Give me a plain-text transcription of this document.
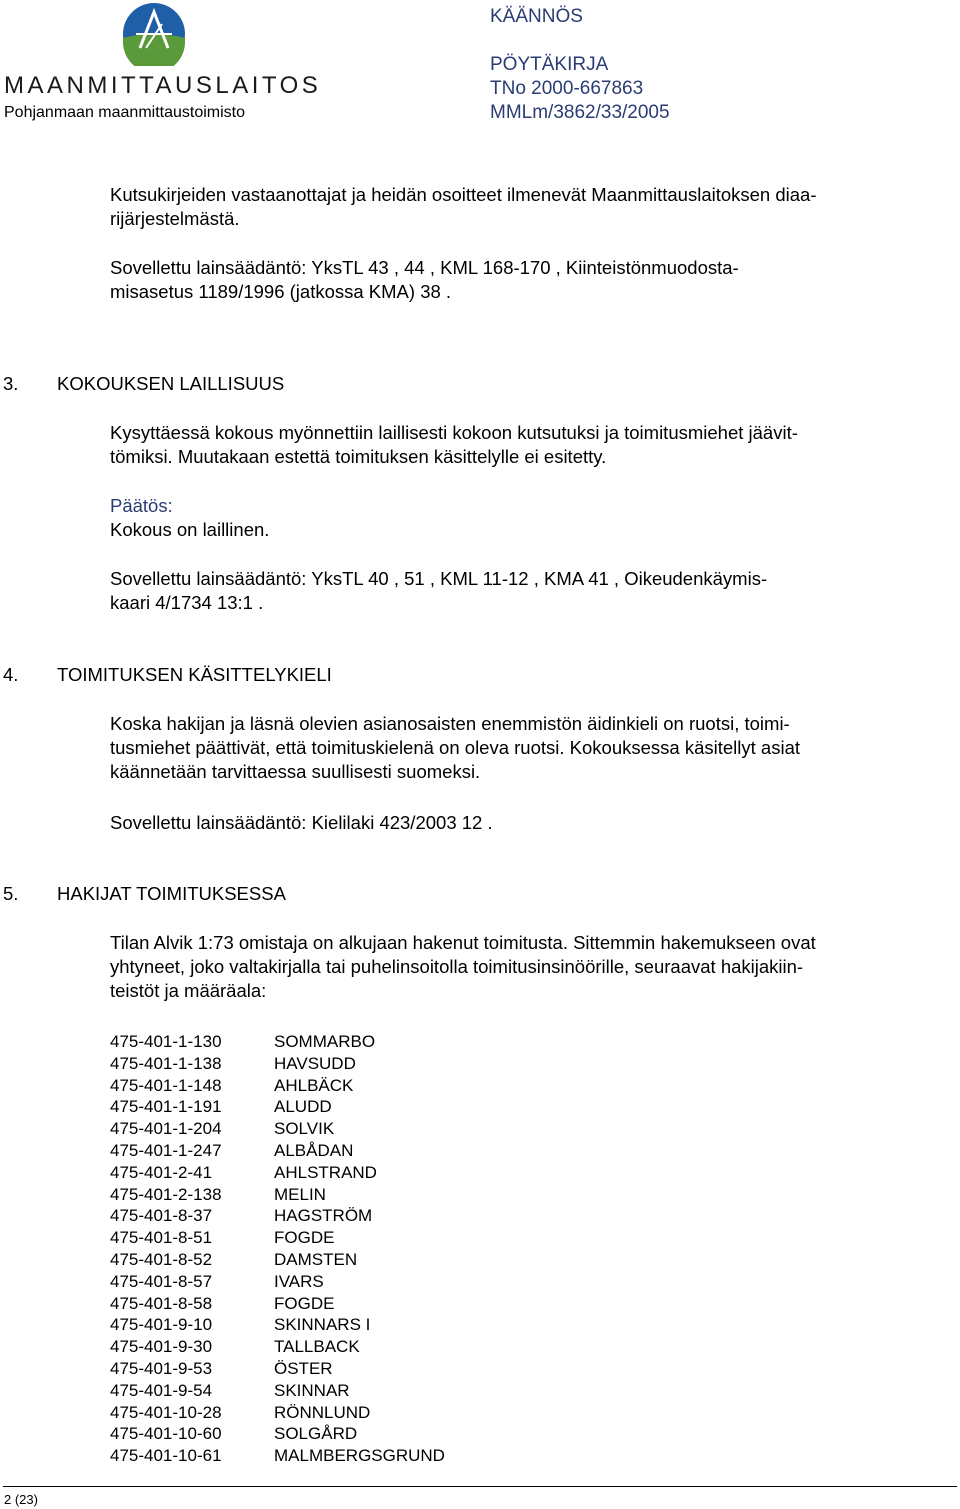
MAANMITTAUSLAITOS
Pohjanmaan maanmittaustoimisto
KÄÄNNÖS
PÖYTÄKIRJA
TNo 2000-667863
MMLm/3862/33/2005
Kutsukirjeiden vastaanottajat ja heidän osoitteet ilmenevät Maanmittauslaitoksen diaa-
rijärjestelmästä.
Sovellettu lainsäädäntö: YksTL 43 , 44 , KML 168-170 , Kiinteistönmuodosta-
misasetus 1189/1996 (jatkossa KMA) 38 .
3. KOKOUKSEN LAILLISUUS
Kysyttäessä kokous myönnettiin laillisesti kokoon kutsutuksi ja toimitusmiehet jäävit-
tömiksi. Muutakaan estettä toimituksen käsittelylle ei esitetty.
Päätös:
Kokous on laillinen.
Sovellettu lainsäädäntö: YksTL 40 , 51 , KML 11-12 , KMA 41 , Oikeudenkäymis-
kaari 4/1734 13:1 .
4. TOIMITUKSEN KÄSITTELYKIELI
Koska hakijan ja läsnä olevien asianosaisten enemmistön äidinkieli on ruotsi, toimi-
tusmiehet päättivät, että toimituskielenä on oleva ruotsi. Kokouksessa käsitellyt asiat
käännetään tarvittaessa suullisesti suomeksi.
Sovellettu lainsäädäntö: Kielilaki 423/2003 12 .
5. HAKIJAT TOIMITUKSESSA
Tilan Alvik 1:73 omistaja on alkujaan hakenut toimitusta. Sittemmin hakemukseen ovat
yhtyneet, joko valtakirjalla tai puhelinsoitolla toimitusinsinöörille, seuraavat hakijakiin-
teistöt ja määräala:
475-401-1-130	SOMMARBO
475-401-1-138	HAVSUDD
475-401-1-148	AHLBÄCK
475-401-1-191	ALUDD
475-401-1-204	SOLVIK
475-401-1-247	ALBÅDAN
475-401-2-41	AHLSTRAND
475-401-2-138	MELIN
475-401-8-37	HAGSTRÖM
475-401-8-51	FOGDE
475-401-8-52	DAMSTEN
475-401-8-57	IVARS
475-401-8-58	FOGDE
475-401-9-10	SKINNARS I
475-401-9-30	TALLBACK
475-401-9-53	ÖSTER
475-401-9-54	SKINNAR
475-401-10-28	RÖNNLUND
475-401-10-60	SOLGÅRD
475-401-10-61	MALMBERGSGRUND
2 (23)
